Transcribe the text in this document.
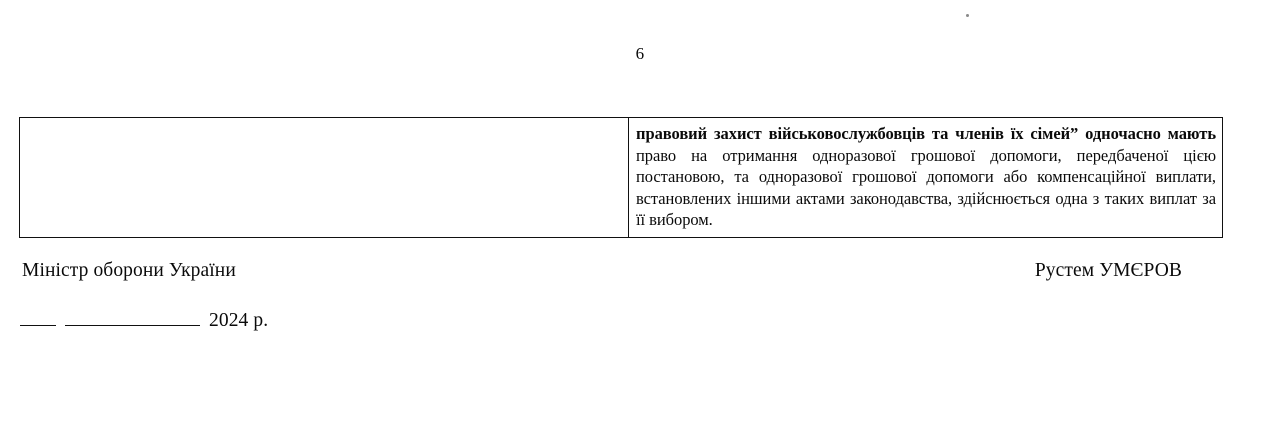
6
правовий захист військовослужбовців та членів їх сімей” одночасно мають право на отримання одноразової грошової допомоги, передбаченої цією постановою, та одноразової грошової допомоги або компенсаційної виплати, встановлених іншими актами законодавства, здійснюється одна з таких виплат за її вибором.
Міністр оборони України	Рустем УМЄРОВ
2024 р.
